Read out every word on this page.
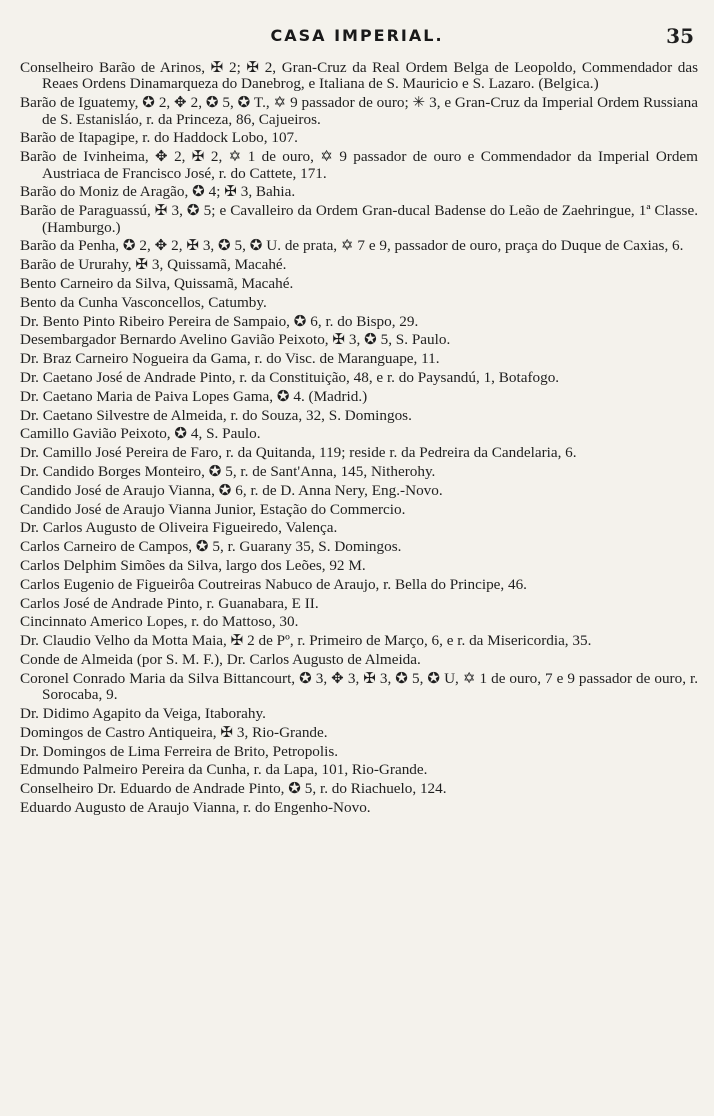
CASA IMPERIAL.	35

Conselheiro Barão de Arinos, ✠ 2; ✠ 2, Gran-Cruz da Real Ordem Belga de Leopoldo, Commendador das Reaes Ordens Dinamarqueza do Danebrog, e Italiana de S. Mauricio e S. Lazaro. (Belgica.)

Barão de Iguatemy, ✪ 2, ✥ 2, ✪ 5, ✪ T., ✡ 9 passador de ouro; ✳ 3, e Gran-Cruz da Imperial Ordem Russiana de S. Estanisláo, r. da Princeza, 86, Cajueiros.

Barão de Itapagipe, r. do Haddock Lobo, 107.

Barão de Ivinheima, ✥ 2, ✠ 2, ✡ 1 de ouro, ✡ 9 passador de ouro e Commendador da Imperial Ordem Austriaca de Francisco José, r. do Cattete, 171.

Barão do Moniz de Aragão, ✪ 4; ✠ 3, Bahia.

Barão de Paraguassú, ✠ 3, ✪ 5; e Cavalleiro da Ordem Gran-ducal Badense do Leão de Zaehringue, 1ª Classe. (Hamburgo.)

Barão da Penha, ✪ 2, ✥ 2, ✠ 3, ✪ 5, ✪ U. de prata, ✡ 7 e 9, passador de ouro, praça do Duque de Caxias, 6.

Barão de Ururahy, ✠ 3, Quissamã, Macahé.

Bento Carneiro da Silva, Quissamã, Macahé.

Bento da Cunha Vasconcellos, Catumby.

Dr. Bento Pinto Ribeiro Pereira de Sampaio, ✪ 6, r. do Bispo, 29.

Desembargador Bernardo Avelino Gavião Peixoto, ✠ 3, ✪ 5, S. Paulo.

Dr. Braz Carneiro Nogueira da Gama, r. do Visc. de Maranguape, 11.

Dr. Caetano José de Andrade Pinto, r. da Constituição, 48, e r. do Paysandú, 1, Botafogo.

Dr. Caetano Maria de Paiva Lopes Gama, ✪ 4. (Madrid.)

Dr. Caetano Silvestre de Almeida, r. do Souza, 32, S. Domingos.

Camillo Gavião Peixoto, ✪ 4, S. Paulo.

Dr. Camillo José Pereira de Faro, r. da Quitanda, 119; reside r. da Pedreira da Candelaria, 6.

Dr. Candido Borges Monteiro, ✪ 5, r. de Sant'Anna, 145, Nitherohy.

Candido José de Araujo Vianna, ✪ 6, r. de D. Anna Nery, Eng.-Novo.

Candido José de Araujo Vianna Junior, Estação do Commercio.

Dr. Carlos Augusto de Oliveira Figueiredo, Valença.

Carlos Carneiro de Campos, ✪ 5, r. Guarany 35, S. Domingos.

Carlos Delphim Simões da Silva, largo dos Leões, 92 M.

Carlos Eugenio de Figueirôa Coutreiras Nabuco de Araujo, r. Bella do Principe, 46.

Carlos José de Andrade Pinto, r. Guanabara, E II.

Cincinnato Americo Lopes, r. do Mattoso, 30.

Dr. Claudio Velho da Motta Maia, ✠ 2 de Pº, r. Primeiro de Março, 6, e r. da Misericordia, 35.

Conde de Almeida (por S. M. F.), Dr. Carlos Augusto de Almeida.

Coronel Conrado Maria da Silva Bittancourt, ✪ 3, ✥ 3, ✠ 3, ✪ 5, ✪ U, ✡ 1 de ouro, 7 e 9 passador de ouro, r. Sorocaba, 9.

Dr. Didimo Agapito da Veiga, Itaborahy.

Domingos de Castro Antiqueira, ✠ 3, Rio-Grande.

Dr. Domingos de Lima Ferreira de Brito, Petropolis.

Edmundo Palmeiro Pereira da Cunha, r. da Lapa, 101, Rio-Grande.

Conselheiro Dr. Eduardo de Andrade Pinto, ✪ 5, r. do Riachuelo, 124.

Eduardo Augusto de Araujo Vianna, r. do Engenho-Novo.
